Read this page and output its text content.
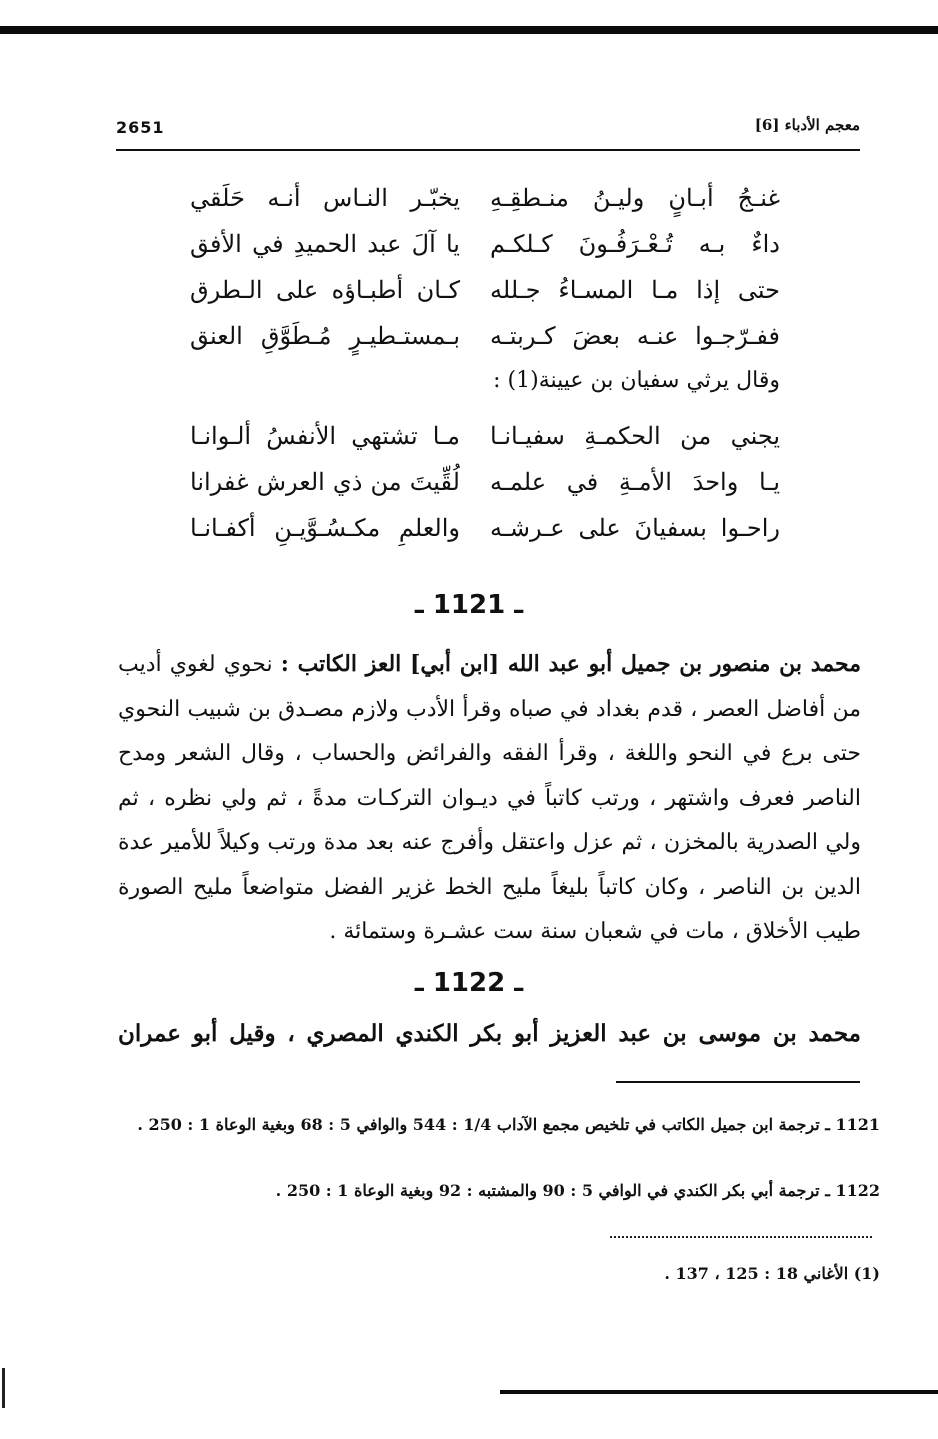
2651	معجم الأدباء [6]
غنـجُ أبـانٍ وليـنُ منـطقِـهِ
يخبّـر النـاس أنـه حَلَقي
داءٌ بـه تُـعْـرَفُـونَ كـلكـم
يا آلَ عبد الحميدِ في الأفق
حتى إذا مـا المسـاءُ جـلله
كـان أطبـاؤه على الـطرق
ففـرّجـوا عنـه بعضَ كـربتـه
بـمستـطيـرٍ مُـطَوَّقِ العنق
وقال يرثي سفيان بن عيينة(1) :
يجني من الحكمـةِ سفيـانـا
مـا تشتهي الأنفسُ ألـوانـا
يـا واحدَ الأمـةِ في علمـه
لُقِّيتَ من ذي العرش غفرانا
راحـوا بسفيانَ على عـرشـه
والعلمِ مكـسُـوَّيـنِ أكفـانـا
ـ 1121 ـ
محمد بن منصور بن جميل أبو عبد الله [ابن أبي] العز الكاتب : نحوي لغوي أديب من أفاضل العصر ، قدم بغداد في صباه وقرأ الأدب ولازم مصـدق بن شبيب النحوي حتى برع في النحو واللغة ، وقرأ الفقه والفرائض والحساب ، وقال الشعر ومدح الناصر فعرف واشتهر ، ورتب كاتباً في ديـوان التركـات مدةً ، ثم ولي نظره ، ثم ولي الصدرية بالمخزن ، ثم عزل واعتقل وأفرج عنه بعد مدة ورتب وكيلاً للأمير عدة الدين بن الناصر ، وكان كاتباً بليغاً مليح الخط غزير الفضل متواضعاً مليح الصورة طيب الأخلاق ، مات في شعبان سنة ست عشـرة وستمائة .
ـ 1122 ـ
محمد بن موسى بن عبد العزيز أبو بكر الكندي المصري ، وقيل أبو عمران
1121 ـ ترجمة ابن جميل الكاتب في تلخيص مجمع الآداب 1/4 : 544 والوافي 5 : 68 وبغية الوعاة 1 : 250 .
1122 ـ ترجمة أبي بكر الكندي في الوافي 5 : 90 والمشتبه : 92 وبغية الوعاة 1 : 250 .
(1) الأغاني 18 : 125 ، 137 .
